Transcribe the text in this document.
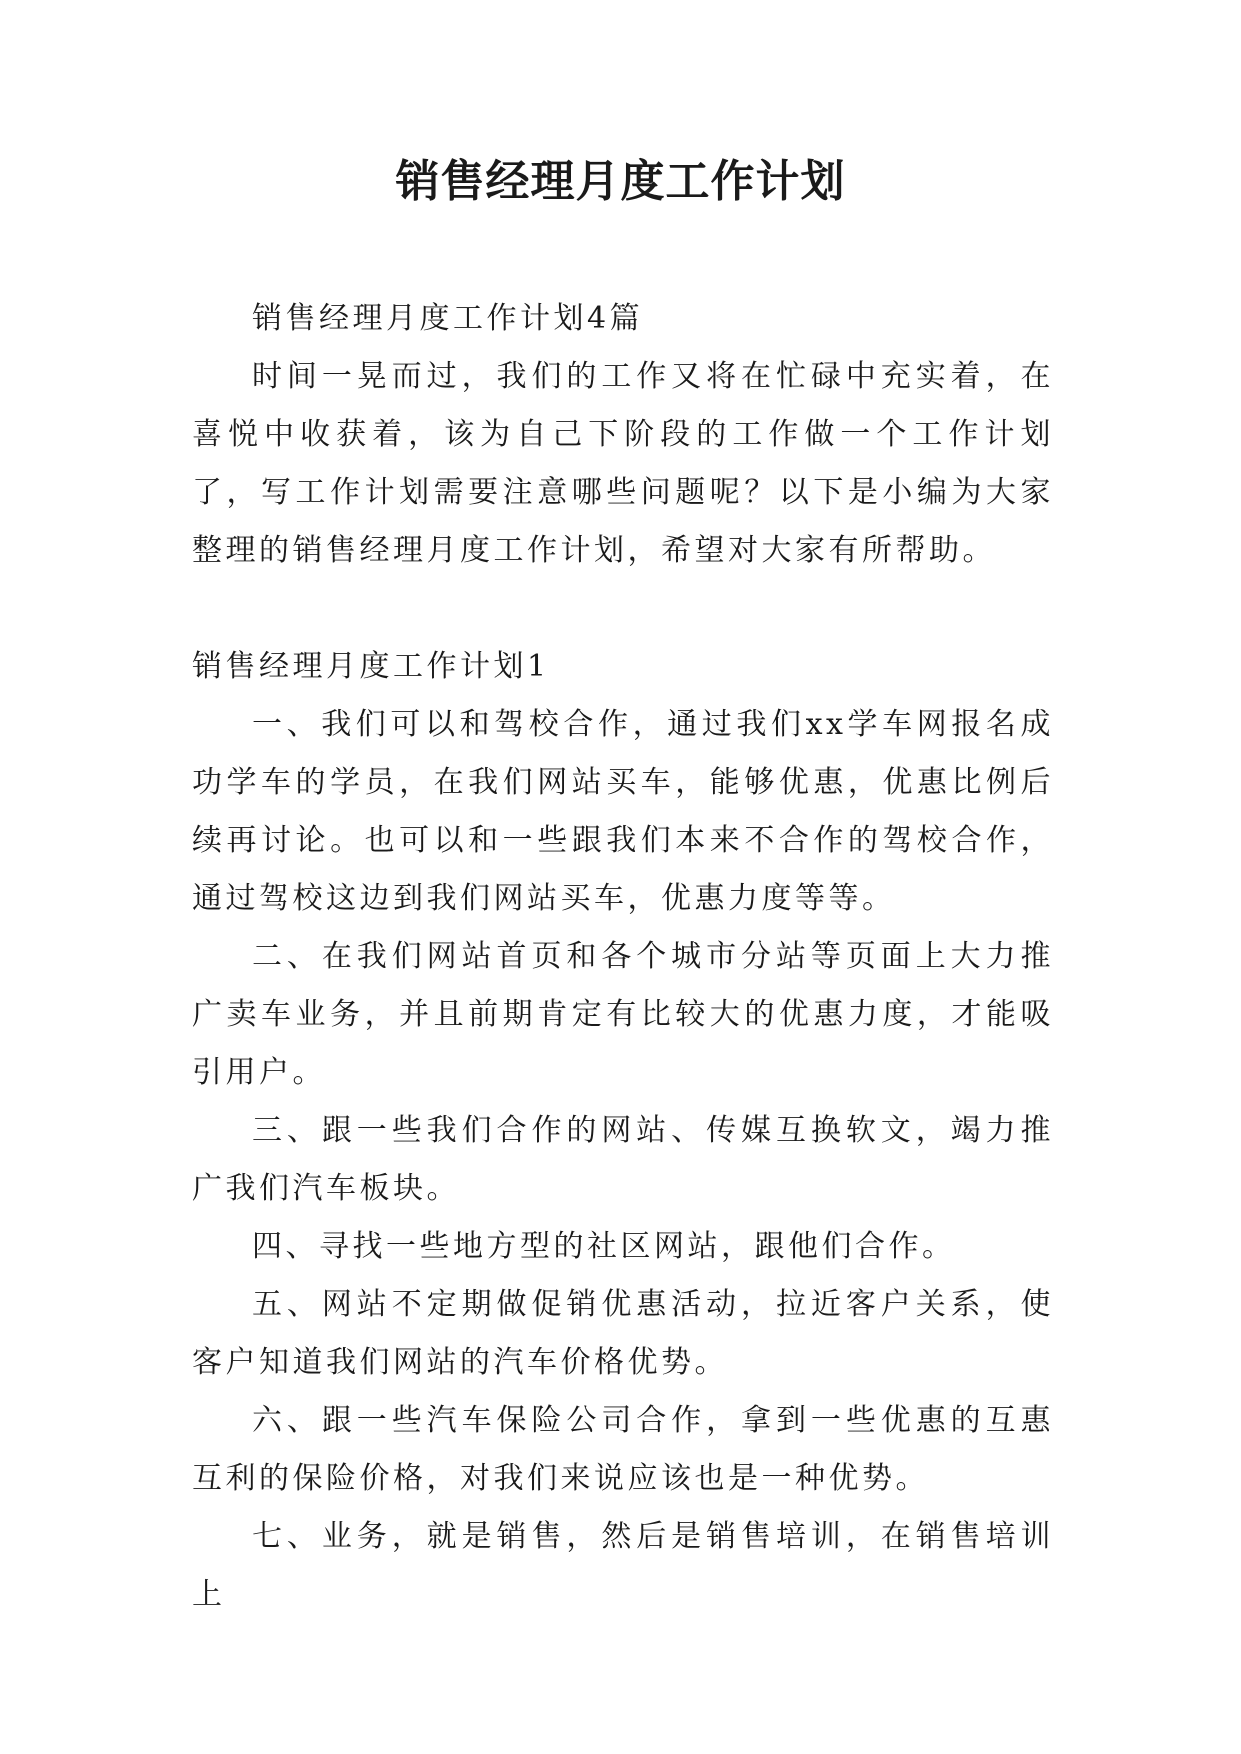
销售经理月度工作计划

销售经理月度工作计划4篇

时间一晃而过，我们的工作又将在忙碌中充实着，在喜悦中收获着，该为自己下阶段的工作做一个工作计划了，写工作计划需要注意哪些问题呢？以下是小编为大家整理的销售经理月度工作计划，希望对大家有所帮助。

销售经理月度工作计划1

一、我们可以和驾校合作，通过我们xx学车网报名成功学车的学员，在我们网站买车，能够优惠，优惠比例后续再讨论。也可以和一些跟我们本来不合作的驾校合作，通过驾校这边到我们网站买车，优惠力度等等。

二、在我们网站首页和各个城市分站等页面上大力推广卖车业务，并且前期肯定有比较大的优惠力度，才能吸引用户。

三、跟一些我们合作的网站、传媒互换软文，竭力推广我们汽车板块。

四、寻找一些地方型的社区网站，跟他们合作。

五、网站不定期做促销优惠活动，拉近客户关系，使客户知道我们网站的汽车价格优势。

六、跟一些汽车保险公司合作，拿到一些优惠的互惠互利的保险价格，对我们来说应该也是一种优势。

七、业务，就是销售，然后是销售培训，在销售培训上
